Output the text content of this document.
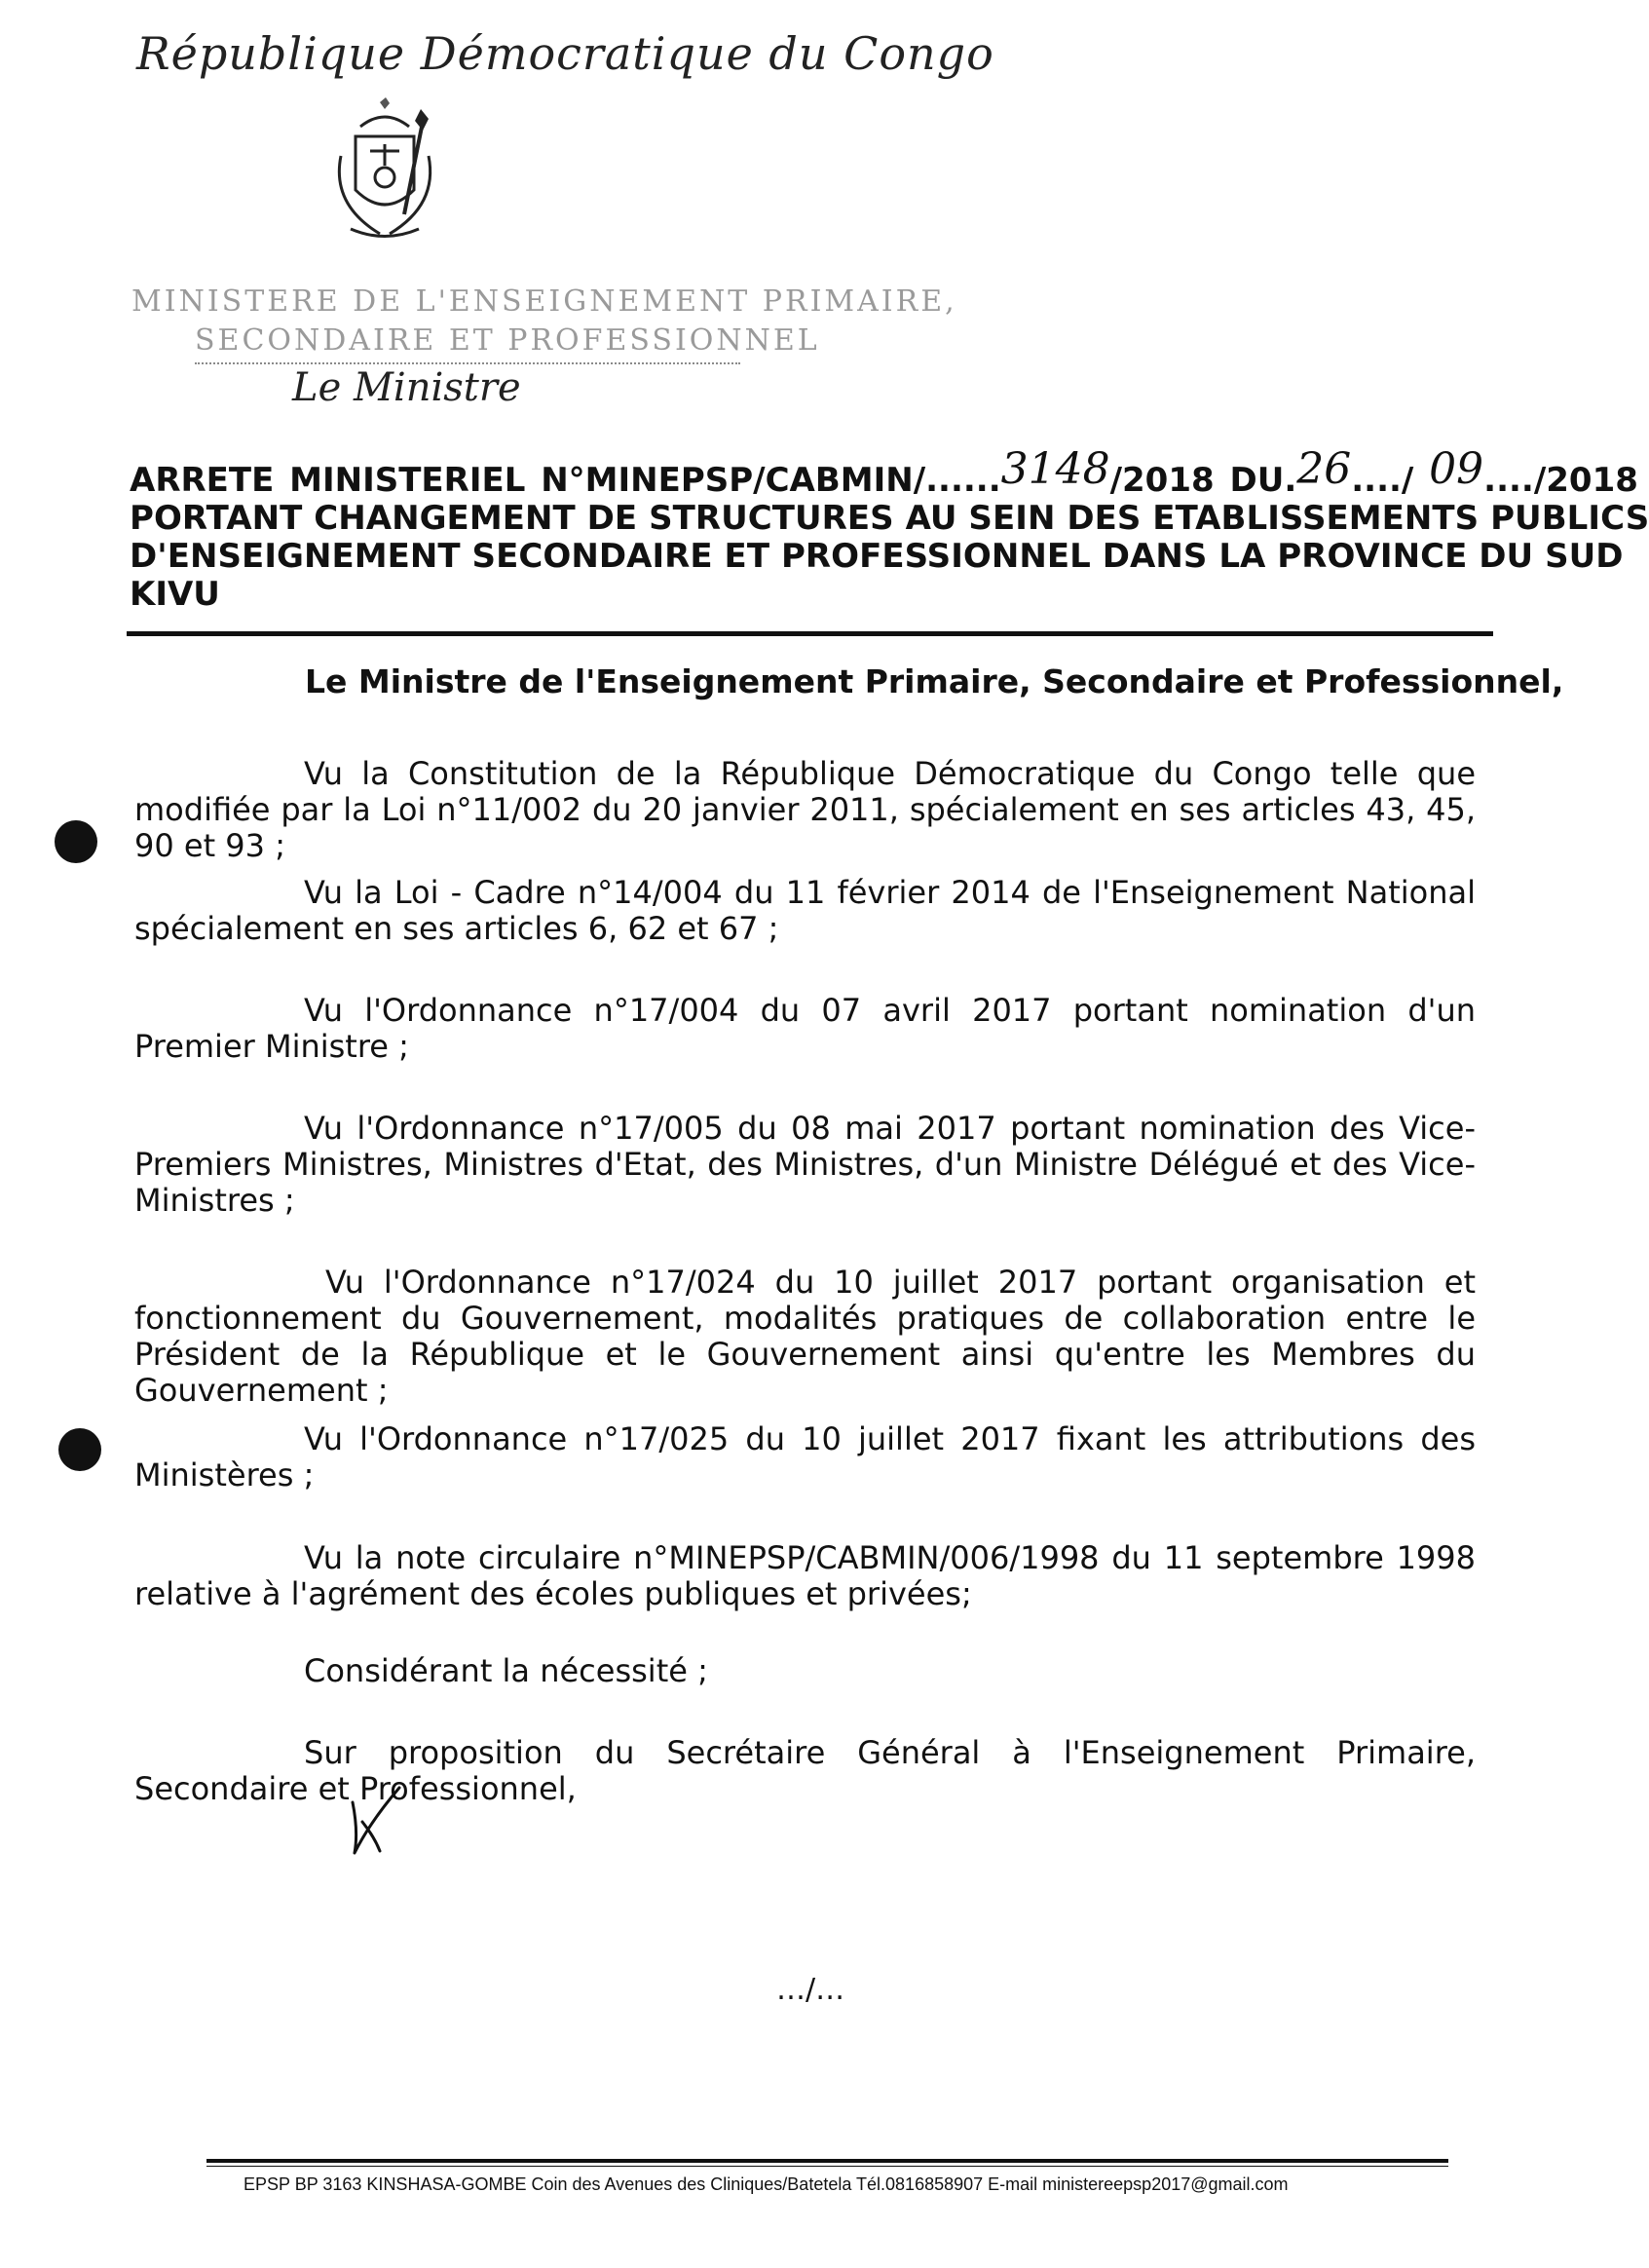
République Démocratique du Congo
MINISTERE DE L'ENSEIGNEMENT PRIMAIRE,
SECONDAIRE ET PROFESSIONNEL
Le Ministre
ARRETE MINISTERIEL N°MINEPSP/CABMIN/......3148/2018 DU.26..../ 09..../2018
PORTANT CHANGEMENT DE STRUCTURES AU SEIN DES ETABLISSEMENTS PUBLICS
D'ENSEIGNEMENT SECONDAIRE ET PROFESSIONNEL DANS LA PROVINCE DU SUD
KIVU
Le Ministre de l'Enseignement Primaire, Secondaire et Professionnel,
Vu la Constitution de la République Démocratique du Congo telle que modifiée par la Loi n°11/002 du 20 janvier 2011, spécialement en ses articles 43, 45, 90 et 93 ;
Vu la Loi - Cadre n°14/004 du 11 février 2014 de l'Enseignement National spécialement en ses articles 6, 62 et 67 ;
Vu l'Ordonnance n°17/004 du 07 avril 2017 portant nomination d'un Premier Ministre ;
Vu l'Ordonnance n°17/005 du 08 mai 2017 portant nomination des Vice-Premiers Ministres, Ministres d'Etat, des Ministres, d'un Ministre Délégué et des Vice-Ministres ;
Vu l'Ordonnance n°17/024 du 10 juillet 2017 portant organisation et fonctionnement du Gouvernement, modalités pratiques de collaboration entre le Président de la République et le Gouvernement ainsi qu'entre les Membres du Gouvernement ;
Vu l'Ordonnance n°17/025 du 10 juillet 2017 fixant les attributions des Ministères ;
Vu la note circulaire n°MINEPSP/CABMIN/006/1998 du 11 septembre 1998 relative à l'agrément des écoles publiques et privées;
Considérant la nécessité ;
Sur proposition du Secrétaire Général à l'Enseignement Primaire, Secondaire et Professionnel,
…/…
EPSP BP 3163 KINSHASA-GOMBE Coin des Avenues des Cliniques/Batetela Tél.0816858907 E-mail ministereepsp2017@gmail.com
